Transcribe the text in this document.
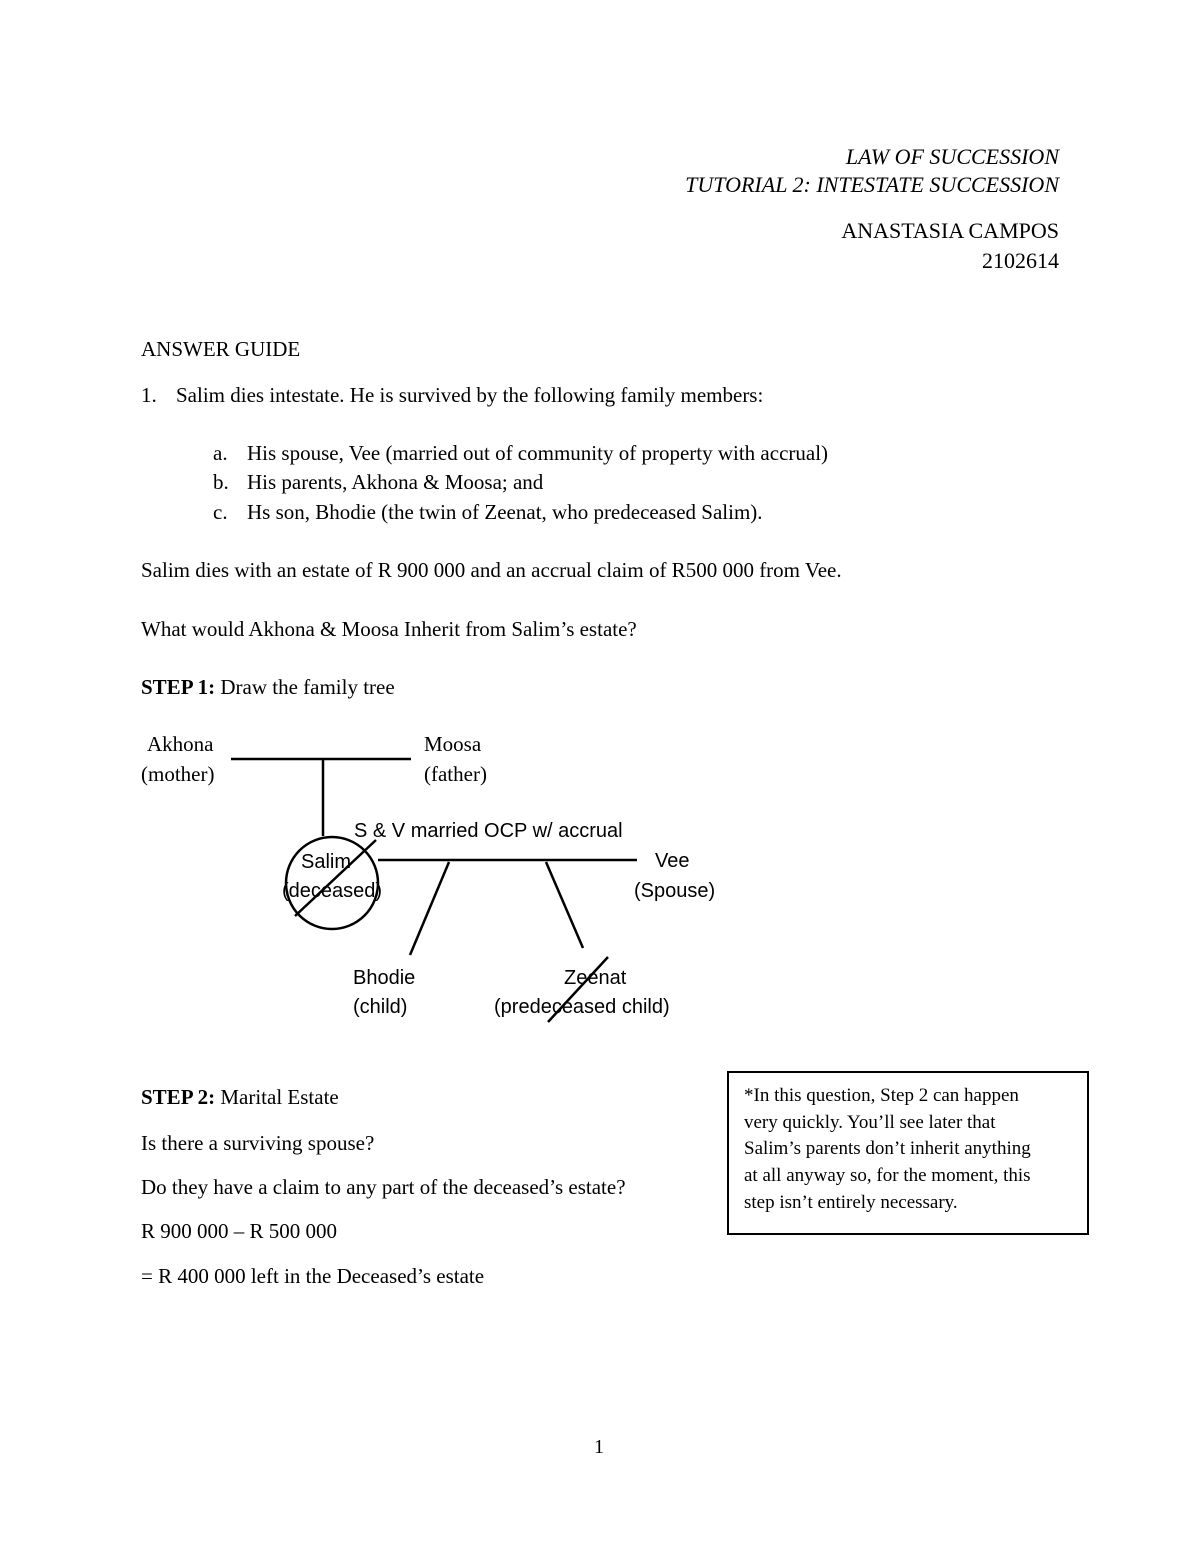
LAW OF SUCCESSION
TUTORIAL 2: INTESTATE SUCCESSION
ANASTASIA CAMPOS
2102614
ANSWER GUIDE
1. Salim dies intestate. He is survived by the following family members:
a. His spouse, Vee (married out of community of property with accrual)
b. His parents, Akhona & Moosa; and
c. Hs son, Bhodie (the twin of Zeenat, who predeceased Salim).
Salim dies with an estate of R 900 000 and an accrual claim of R500 000 from Vee.
What would Akhona & Moosa Inherit from Salim’s estate?
STEP 1: Draw the family tree
Akhona
(mother)
Moosa
(father)
S & V married OCP w/ accrual
Salim
(deceased)
Vee
(Spouse)
Bhodie
(child)
Zeenat
(predeceased child)
STEP 2: Marital Estate
Is there a surviving spouse?
Do they have a claim to any part of the deceased’s estate?
R 900 000 – R 500 000
= R 400 000 left in the Deceased’s estate
*In this question, Step 2 can happen
very quickly. You’ll see later that
Salim’s parents don’t inherit anything
at all anyway so, for the moment, this
step isn’t entirely necessary.
1
